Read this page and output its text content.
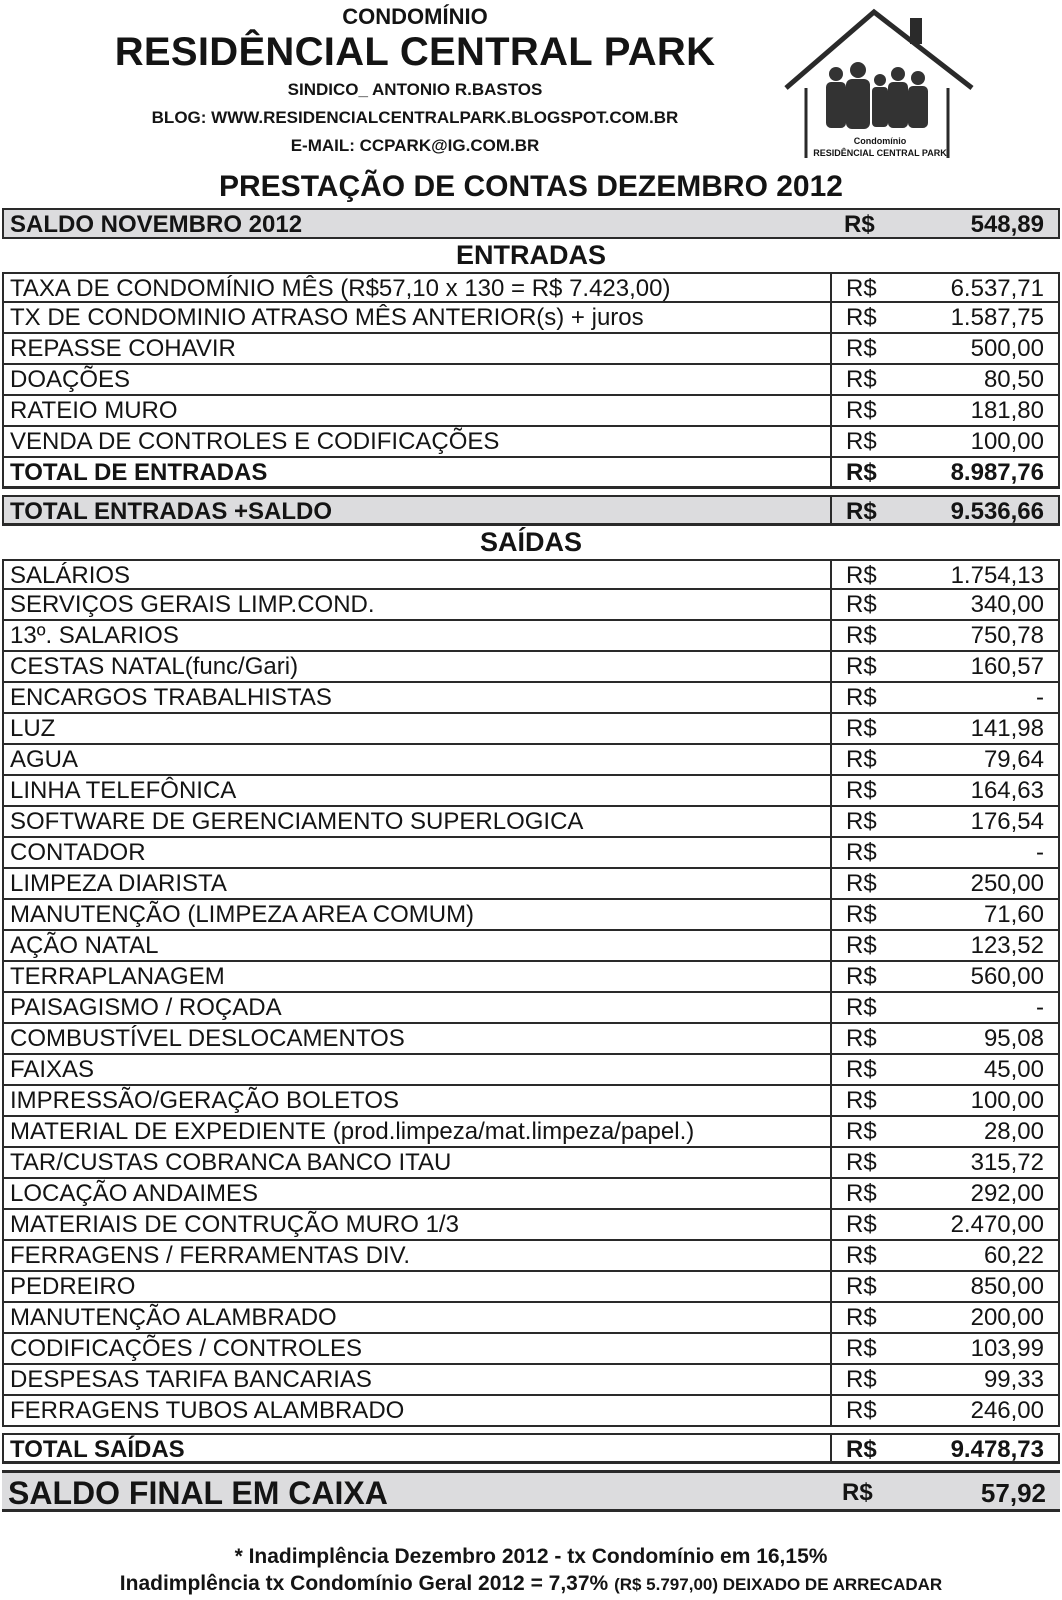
CONDOMÍNIO
RESIDÊNCIAL CENTRAL PARK
SINDICO_ ANTONIO R.BASTOS
BLOG: WWW.RESIDENCIALCENTRALPARK.BLOGSPOT.COM.BR
E-MAIL: CCPARK@IG.COM.BR	Condomínio
RESIDÊNCIAL CENTRAL PARK
PRESTAÇÃO DE CONTAS DEZEMBRO 2012
SALDO NOVEMBRO 2012	R$	548,89
ENTRADAS
TAXA DE CONDOMÍNIO MÊS (R$57,10 x 130 = R$ 7.423,00)	R$	6.537,71
TX DE CONDOMINIO ATRASO MÊS ANTERIOR(s) + juros	R$	1.587,75
REPASSE COHAVIR	R$	500,00
DOAÇÕES	R$	80,50
RATEIO MURO	R$	181,80
VENDA DE CONTROLES E CODIFICAÇÕES	R$	100,00
TOTAL DE ENTRADAS	R$	8.987,76
TOTAL ENTRADAS +SALDO	R$	9.536,66
SAÍDAS
SALÁRIOS	R$	1.754,13
SERVIÇOS GERAIS LIMP.COND.	R$	340,00
13º. SALARIOS	R$	750,78
CESTAS NATAL(func/Gari)	R$	160,57
ENCARGOS TRABALHISTAS	R$	-
LUZ	R$	141,98
AGUA	R$	79,64
LINHA TELEFÔNICA	R$	164,63
SOFTWARE DE GERENCIAMENTO SUPERLOGICA	R$	176,54
CONTADOR	R$	-
LIMPEZA DIARISTA	R$	250,00
MANUTENÇÃO (LIMPEZA AREA COMUM)	R$	71,60
AÇÃO NATAL	R$	123,52
TERRAPLANAGEM	R$	560,00
PAISAGISMO / ROÇADA	R$	-
COMBUSTÍVEL DESLOCAMENTOS	R$	95,08
FAIXAS	R$	45,00
IMPRESSÃO/GERAÇÃO BOLETOS	R$	100,00
MATERIAL DE EXPEDIENTE (prod.limpeza/mat.limpeza/papel.)	R$	28,00
TAR/CUSTAS COBRANCA BANCO ITAU	R$	315,72
LOCAÇÃO ANDAIMES	R$	292,00
MATERIAIS DE CONTRUÇÃO MURO 1/3	R$	2.470,00
FERRAGENS / FERRAMENTAS DIV.	R$	60,22
PEDREIRO	R$	850,00
MANUTENÇÃO ALAMBRADO	R$	200,00
CODIFICAÇÕES / CONTROLES	R$	103,99
DESPESAS TARIFA BANCARIAS	R$	99,33
FERRAGENS TUBOS ALAMBRADO	R$	246,00
TOTAL SAÍDAS	R$	9.478,73
SALDO FINAL EM CAIXA	R$	57,92
* Inadimplência Dezembro 2012 - tx Condomínio em 16,15%
Inadimplência tx Condomínio Geral 2012 = 7,37% (R$ 5.797,00) DEIXADO DE ARRECADAR
